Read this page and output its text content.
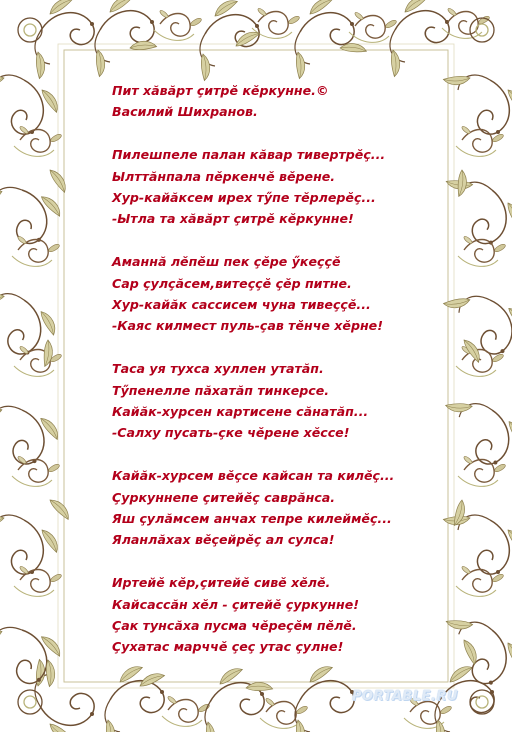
Пит хăвăрт çитрĕ кĕркунне.©
Василий Шихранов.
Пилешпеле палан кăвар тивертрĕç...
Ылттăнпала пĕркенчĕ вĕрене.
Хур-кайăксем ирех тӳпе тĕрлерĕç...
-Ытла та хăвăрт çитрĕ кĕркунне!
Аманнă лĕпĕш пек çĕре ӳкеççĕ
Сар çулçăсем,витеççĕ çĕр питне.
Хур-кайăк сассисем чуна тивеççĕ...
-Каяс килмест пуль-çав тĕнче хĕрне!
Таса уя тухса хуллен утатăп.
Тӳпенелле пăхатăп тинкерсе.
Кайăк-хурсен картисене сăнатăп...
-Салху пусать-çке чĕрене хĕссе!
Кайăк-хурсем вĕçсе кайсан та килĕç...
Çуркуннепе çитейĕç саврăнса.
Яш çулăмсем анчах тепре килеймĕç...
Яланлăхах вĕçейрĕç ал сулса!
Иртейĕ кĕр,çитейĕ сивĕ хĕлĕ.
Кайсассăн хĕл - çитейĕ çуркунне!
Çак тунсăха пусма чĕреçĕм пĕлĕ.
Çухатас марччĕ çеç утас çулне!
PORTABLE.RU
